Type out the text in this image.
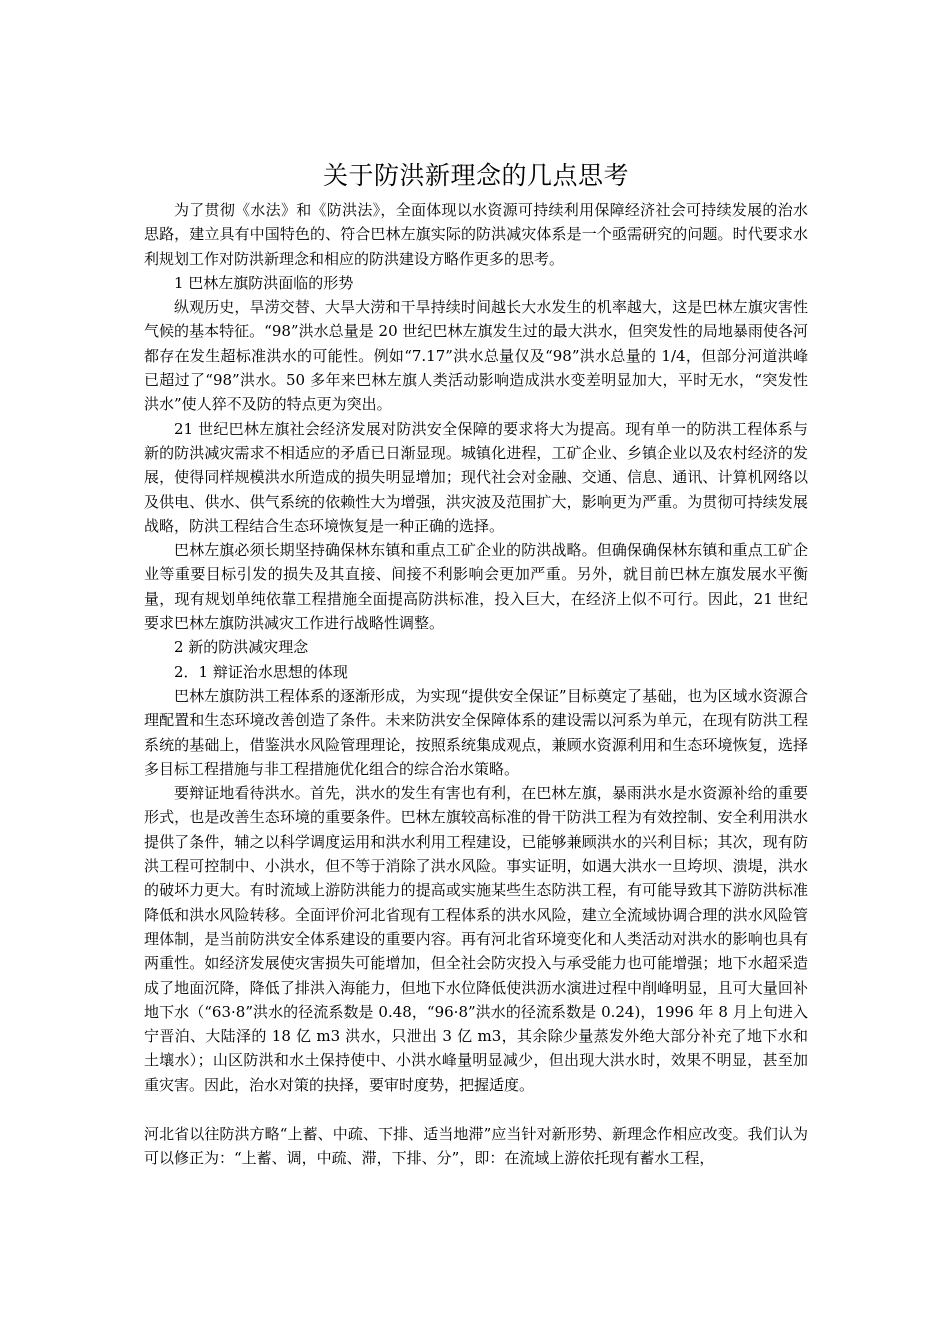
关于防洪新理念的几点思考

为了贯彻《水法》和《防洪法》，全面体现以水资源可持续利用保障经济社会可持续发展的治水思路，建立具有中国特色的、符合巴林左旗实际的防洪减灾体系是一个亟需研究的问题。时代要求水利规划工作对防洪新理念和相应的防洪建设方略作更多的思考。

1 巴林左旗防洪面临的形势

纵观历史，旱涝交替、大旱大涝和干旱持续时间越长大水发生的机率越大，这是巴林左旗灾害性气候的基本特征。“98”洪水总量是 20 世纪巴林左旗发生过的最大洪水，但突发性的局地暴雨使各河都存在发生超标准洪水的可能性。例如“7.17”洪水总量仅及“98”洪水总量的 1/4，但部分河道洪峰已超过了“98”洪水。50 多年来巴林左旗人类活动影响造成洪水变差明显加大，平时无水，“突发性洪水”使人猝不及防的特点更为突出。

21 世纪巴林左旗社会经济发展对防洪安全保障的要求将大为提高。现有单一的防洪工程体系与新的防洪减灾需求不相适应的矛盾已日渐显现。城镇化进程，工矿企业、乡镇企业以及农村经济的发展，使得同样规模洪水所造成的损失明显增加；现代社会对金融、交通、信息、通讯、计算机网络以及供电、供水、供气系统的依赖性大为增强，洪灾波及范围扩大，影响更为严重。为贯彻可持续发展战略，防洪工程结合生态环境恢复是一种正确的选择。

巴林左旗必须长期坚持确保林东镇和重点工矿企业的防洪战略。但确保确保林东镇和重点工矿企业等重要目标引发的损失及其直接、间接不利影响会更加严重。另外，就目前巴林左旗发展水平衡量，现有规划单纯依靠工程措施全面提高防洪标准，投入巨大，在经济上似不可行。因此，21 世纪要求巴林左旗防洪减灾工作进行战略性调整。

2 新的防洪减灾理念

2．1 辩证治水思想的体现

巴林左旗防洪工程体系的逐渐形成，为实现“提供安全保证”目标奠定了基础，也为区域水资源合理配置和生态环境改善创造了条件。未来防洪安全保障体系的建设需以河系为单元，在现有防洪工程系统的基础上，借鉴洪水风险管理理论，按照系统集成观点，兼顾水资源利用和生态环境恢复，选择多目标工程措施与非工程措施优化组合的综合治水策略。

要辩证地看待洪水。首先，洪水的发生有害也有利，在巴林左旗，暴雨洪水是水资源补给的重要形式，也是改善生态环境的重要条件。巴林左旗较高标准的骨干防洪工程为有效控制、安全利用洪水提供了条件，辅之以科学调度运用和洪水利用工程建设，已能够兼顾洪水的兴利目标；其次，现有防洪工程可控制中、小洪水，但不等于消除了洪水风险。事实证明，如遇大洪水一旦垮坝、溃堤，洪水的破坏力更大。有时流域上游防洪能力的提高或实施某些生态防洪工程，有可能导致其下游防洪标准降低和洪水风险转移。全面评价河北省现有工程体系的洪水风险，建立全流域协调合理的洪水风险管理体制，是当前防洪安全体系建设的重要内容。再有河北省环境变化和人类活动对洪水的影响也具有两重性。如经济发展使灾害损失可能增加，但全社会防灾投入与承受能力也可能增强；地下水超采造成了地面沉降，降低了排洪入海能力，但地下水位降低使洪沥水演进过程中削峰明显，且可大量回补地下水（“63·8”洪水的径流系数是 0.48，“96·8”洪水的径流系数是 0.24)，1996 年 8 月上旬进入宁晋泊、大陆泽的 18 亿 m3 洪水，只泄出 3 亿 m3，其余除少量蒸发外绝大部分补充了地下水和土壤水）；山区防洪和水土保持使中、小洪水峰量明显减少，但出现大洪水时，效果不明显，甚至加重灾害。因此，治水对策的抉择，要审时度势，把握适度。

河北省以往防洪方略“上蓄、中疏、下排、适当地滞”应当针对新形势、新理念作相应改变。我们认为可以修正为：“上蓄、调，中疏、滞，下排、分”，即：在流域上游依托现有蓄水工程，
